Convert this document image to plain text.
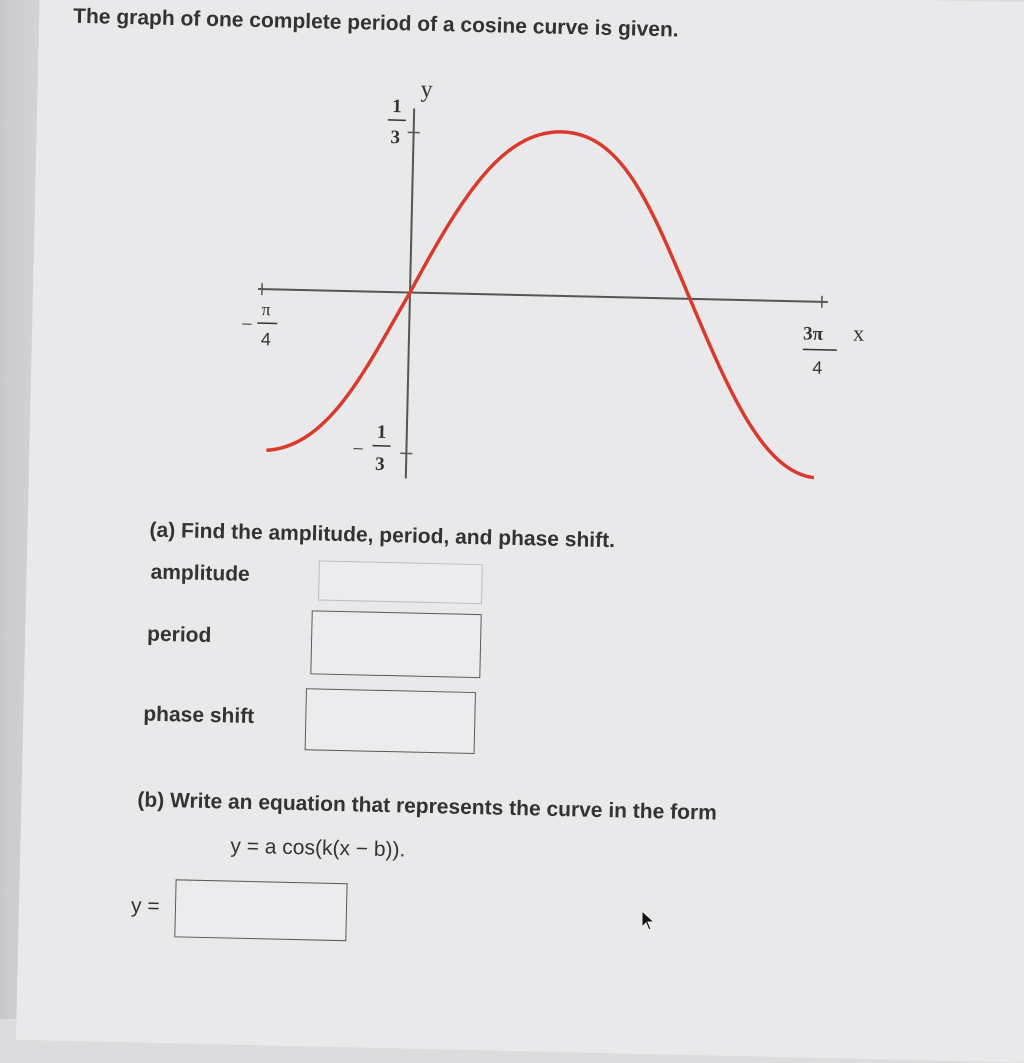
The graph of one complete period of a cosine curve is given.
y
x
−
π
4	3π
4
1
3
−
1
3
(a) Find the amplitude, period, and phase shift.
amplitude
period
phase shift
(b) Write an equation that represents the curve in the form
y = a cos(k(x − b)).
y =
